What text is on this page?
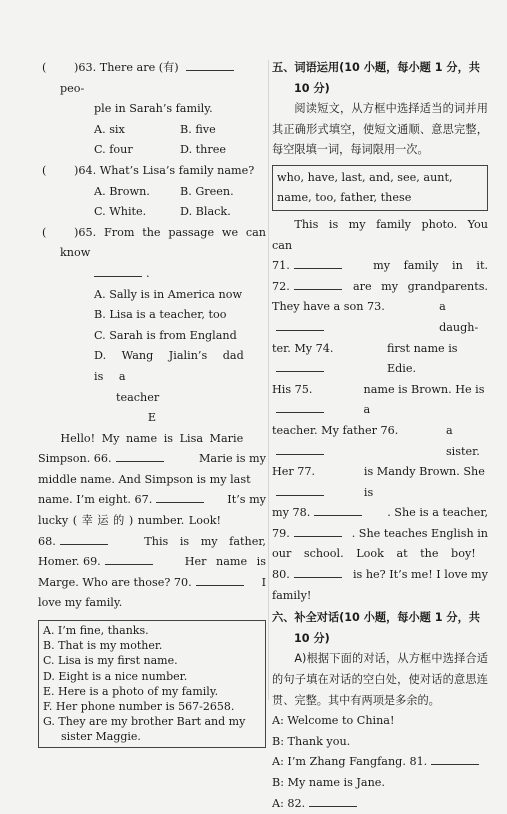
( )63. There are (有)  peo-
ple in Sarah’s family.
A. six	B. five
C. four	D. three
( )64. What’s Lisa’s family name?
A. Brown.	B. Green.
C. White.	D. Black.
( )65. From the passage we can know
.
A. Sally is in America now
B. Lisa is a teacher, too
C. Sarah is from England
D. Wang Jialin’s dad is a
teacher
E
Hello! My name is Lisa Marie
Simpson. 66.	Marie is my
middle name. And Simpson is my last
name. I’m eight. 67.	It’s my
lucky ( 幸 运 的 ) number. Look!
68.	This is my father,
Homer. 69.	Her name is
Marge. Who are those? 70.	I
love my family.
A. I’m fine, thanks.
B. That is my mother.
C. Lisa is my first name.
D. Eight is a nice number.
E. Here is a photo of my family.
F. Her phone number is 567-2658.
G. They are my brother Bart and my
sister Maggie.
五、词语运用(10 小题，每小题 1 分，共
10 分)
阅读短文，从方框中选择适当的词并用其正确形式填空，使短文通顺、意思完整，每空限填一词，每词限用一次。
who, have, last, and, see, aunt, name, too, father, these
This is my family photo. You can
71.	my family in it.
72.	are my grandparents.
They have a son 73.	a daugh-
ter. My 74.	first name is Edie.
His 75.	name is Brown. He is a
teacher. My father 76.	a sister.
Her 77.	is Mandy Brown. She is
my 78.	. She is a teacher,
79.	. She teaches English in
our school. Look at the boy!
80.	is he? It’s me! I love my
family!
六、补全对话(10 小题，每小题 1 分，共
10 分)
A)根据下面的对话，从方框中选择合适的句子填在对话的空白处，使对话的意思连贯、完整。其中有两项是多余的。
A: Welcome to China!
B: Thank you.
A: I’m Zhang Fangfang. 81.
B: My name is Jane.
A: 82.
